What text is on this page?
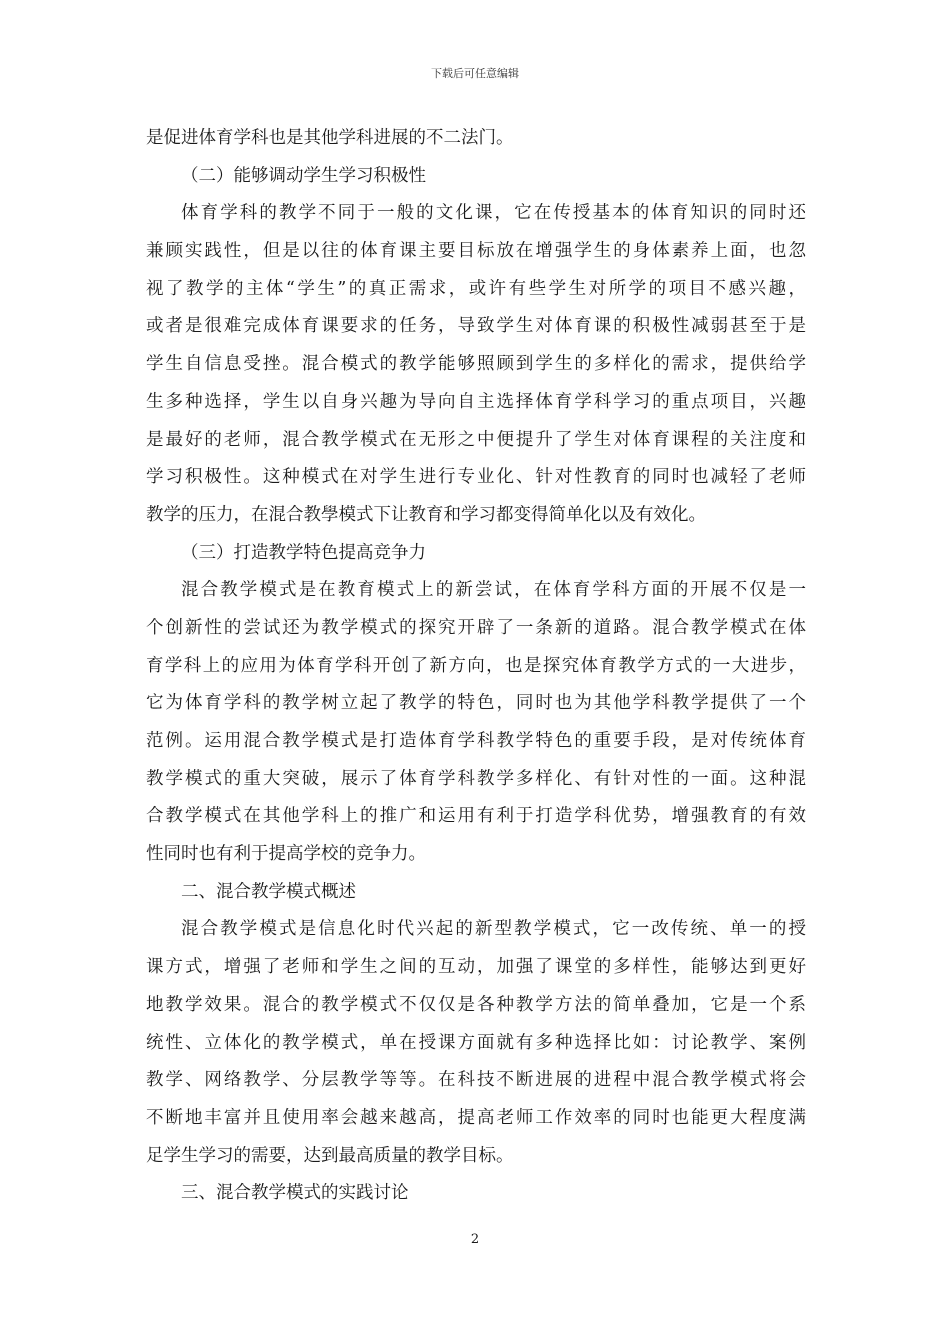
下载后可任意编辑
是促进体育学科也是其他学科进展的不二法门。
（二）能够调动学生学习积极性
体育学科的教学不同于一般的文化课，它在传授基本的体育知识的同时还
兼顾实践性，但是以往的体育课主要目标放在增强学生的身体素养上面，也忽
视了教学的主体“学生”的真正需求，或许有些学生对所学的项目不感兴趣，
或者是很难完成体育课要求的任务，导致学生对体育课的积极性减弱甚至于是
学生自信息受挫。混合模式的教学能够照顾到学生的多样化的需求，提供给学
生多种选择，学生以自身兴趣为导向自主选择体育学科学习的重点项目，兴趣
是最好的老师，混合教学模式在无形之中便提升了学生对体育课程的关注度和
学习积极性。这种模式在对学生进行专业化、针对性教育的同时也减轻了老师
教学的压力，在混合教學模式下让教育和学习都变得简单化以及有效化。
（三）打造教学特色提高竞争力
混合教学模式是在教育模式上的新尝试，在体育学科方面的开展不仅是一
个创新性的尝试还为教学模式的探究开辟了一条新的道路。混合教学模式在体
育学科上的应用为体育学科开创了新方向，也是探究体育教学方式的一大进步，
它为体育学科的教学树立起了教学的特色，同时也为其他学科教学提供了一个
范例。运用混合教学模式是打造体育学科教学特色的重要手段，是对传统体育
教学模式的重大突破，展示了体育学科教学多样化、有针对性的一面。这种混
合教学模式在其他学科上的推广和运用有利于打造学科优势，增强教育的有效
性同时也有利于提高学校的竞争力。
二、混合教学模式概述
混合教学模式是信息化时代兴起的新型教学模式，它一改传统、单一的授
课方式，增强了老师和学生之间的互动，加强了课堂的多样性，能够达到更好
地教学效果。混合的教学模式不仅仅是各种教学方法的简单叠加，它是一个系
统性、立体化的教学模式，单在授课方面就有多种选择比如：讨论教学、案例
教学、网络教学、分层教学等等。在科技不断进展的进程中混合教学模式将会
不断地丰富并且使用率会越来越高，提高老师工作效率的同时也能更大程度满
足学生学习的需要，达到最高质量的教学目标。
三、混合教学模式的实践讨论
2
